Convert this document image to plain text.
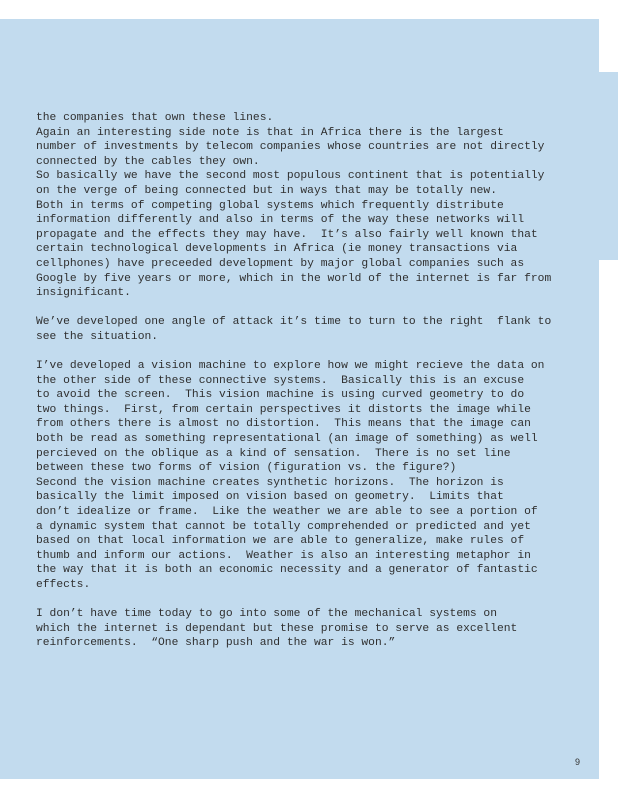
the companies that own these lines.
Again an interesting side note is that in Africa there is the largest
number of investments by telecom companies whose countries are not directly
connected by the cables they own.
So basically we have the second most populous continent that is potentially
on the verge of being connected but in ways that may be totally new.
Both in terms of competing global systems which frequently distribute
information differently and also in terms of the way these networks will
propagate and the effects they may have.  It’s also fairly well known that
certain technological developments in Africa (ie money transactions via
cellphones) have preceeded development by major global companies such as
Google by five years or more, which in the world of the internet is far from
insignificant.
We’ve developed one angle of attack it’s time to turn to the right  flank to
see the situation.
I’ve developed a vision machine to explore how we might recieve the data on
the other side of these connective systems.  Basically this is an excuse
to avoid the screen.  This vision machine is using curved geometry to do
two things.  First, from certain perspectives it distorts the image while
from others there is almost no distortion.  This means that the image can
both be read as something representational (an image of something) as well
percieved on the oblique as a kind of sensation.  There is no set line
between these two forms of vision (figuration vs. the figure?)
Second the vision machine creates synthetic horizons.  The horizon is
basically the limit imposed on vision based on geometry.  Limits that
don’t idealize or frame.  Like the weather we are able to see a portion of
a dynamic system that cannot be totally comprehended or predicted and yet
based on that local information we are able to generalize, make rules of
thumb and inform our actions.  Weather is also an interesting metaphor in
the way that it is both an economic necessity and a generator of fantastic
effects.
I don’t have time today to go into some of the mechanical systems on
which the internet is dependant but these promise to serve as excellent
reinforcements.  “One sharp push and the war is won.”
9
